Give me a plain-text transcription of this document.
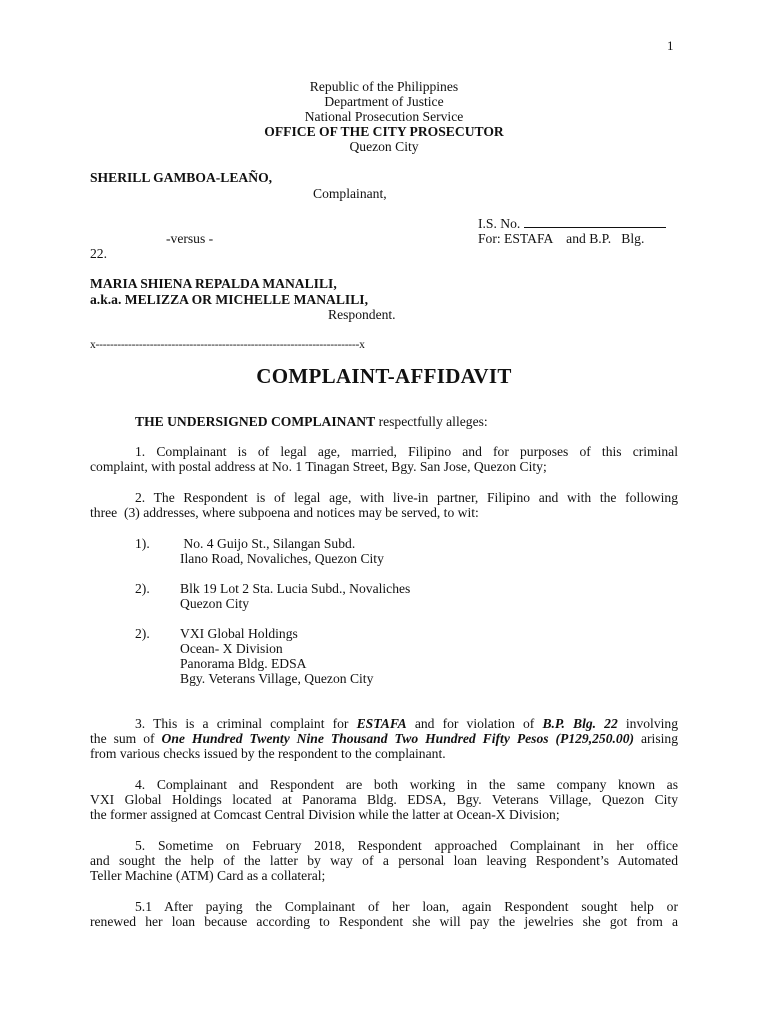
1
Republic of the Philippines
Department of Justice
National Prosecution Service
OFFICE OF THE CITY PROSECUTOR
Quezon City
SHERILL GAMBOA-LEAÑO,
Complainant,
I.S. No.
-versus -	For: ESTAFA    and B.P.   Blg.
22.
MARIA SHIENA REPALDA MANALILI,
a.k.a. MELIZZA OR MICHELLE MANALILI,
Respondent.
x-------------------------------------------------------------------------x
COMPLAINT-AFFIDAVIT
THE UNDERSIGNED COMPLAINANT respectfully alleges:
1. Complainant is of legal age, married, Filipino and for purposes of this criminal
complaint, with postal address at No. 1 Tinagan Street, Bgy. San Jose, Quezon City;
2. The Respondent is of legal age, with live-in partner, Filipino and with the following
three  (3) addresses, where subpoena and notices may be served, to wit:
1). No. 4 Guijo St., Silangan Subd.
Ilano Road, Novaliches, Quezon City
2). Blk 19 Lot 2 Sta. Lucia Subd., Novaliches
Quezon City
2). VXI Global Holdings
Ocean- X Division
Panorama Bldg. EDSA
Bgy. Veterans Village, Quezon City
3. This is a criminal complaint for ESTAFA and for violation of B.P. Blg. 22 involving
the sum of One Hundred Twenty Nine Thousand Two Hundred Fifty Pesos (P129,250.00) arising
from various checks issued by the respondent to the complainant.
4. Complainant and Respondent are both working in the same company known as
VXI Global Holdings located at Panorama Bldg. EDSA, Bgy. Veterans Village, Quezon City
the former assigned at Comcast Central Division while the latter at Ocean-X Division;
5. Sometime on February 2018, Respondent approached Complainant in her office
and sought the help of the latter by way of a personal loan leaving Respondent’s Automated
Teller Machine (ATM) Card as a collateral;
5.1 After paying the Complainant of her loan, again Respondent sought help or
renewed her loan because according to Respondent she will pay the jewelries she got from a
